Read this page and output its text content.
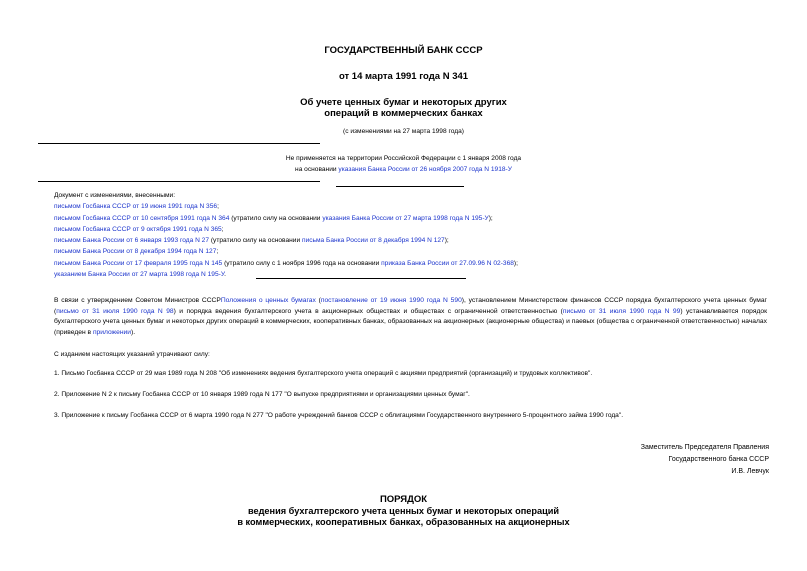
ГОСУДАРСТВЕННЫЙ БАНК СССР
от 14 марта 1991 года N 341
Об учете ценных бумаг и некоторых других
операций в коммерческих банках
(с изменениями на 27 марта 1998 года)
Не применяется на территории Российской Федерации с 1 января 2008 года
на основании указания Банка России от 26 ноября 2007 года N 1918-У
Документ с изменениями, внесенными:
письмом Госбанка СССР от 19 июня 1991 года N 356;
письмом Госбанка СССР от 10 сентября 1991 года N 364 (утратило силу на основании указания Банка России от 27 марта 1998 года N 195-У);
письмом Госбанка СССР от 9 октября 1991 года N 365;
письмом Банка России от 6 января 1993 года N 27 (утратило силу на основании письма Банка России от 8 декабря 1994 N 127);
письмом Банка России от 8 декабря 1994 года N 127;
письмом Банка России от 17 февраля 1995 года N 145 (утратило силу с 1 ноября 1996 года на основании приказа Банка России от 27.09.96 N 02-368);
указанием Банка России от 27 марта 1998 года N 195-У.
В связи с утверждением Советом Министров СССРПоложения о ценных бумагах (постановление от 19 июня 1990 года N 590), установлением Министерством финансов СССР порядка бухгалтерского учета ценных бумаг (письмо от 31 июля 1990 года N 98) и порядка ведения бухгалтерского учета в акционерных обществах и обществах с ограниченной ответственностью (письмо от 31 июля 1990 года N 99) устанавливается порядок бухгалтерского учета ценных бумаг и некоторых других операций в коммерческих, кооперативных банках, образованных на акционерных (акционерные общества) и паевых (общества с ограниченной ответственностью) началах (приведен в приложении).
С изданием настоящих указаний утрачивают силу:
1. Письмо Госбанка СССР от 29 мая 1989 года N 208 "Об изменениях ведения бухгалтерского учета операций с акциями предприятий (организаций) и трудовых коллективов".
2. Приложение N 2 к письму Госбанка СССР от 10 января 1989 года N 177 "О выпуске предприятиями и организациями ценных бумаг".
3. Приложение к письму Госбанка СССР от 6 марта 1990 года N 277 "О работе учреждений банков СССР с облигациями Государственного внутреннего 5-процентного займа 1990 года".
Заместитель Председателя Правления
Государственного банка СССР
И.В. Левчук
ПОРЯДОК
ведения бухгалтерского учета ценных бумаг и некоторых операций
в коммерческих, кооперативных банках, образованных на акционерных
